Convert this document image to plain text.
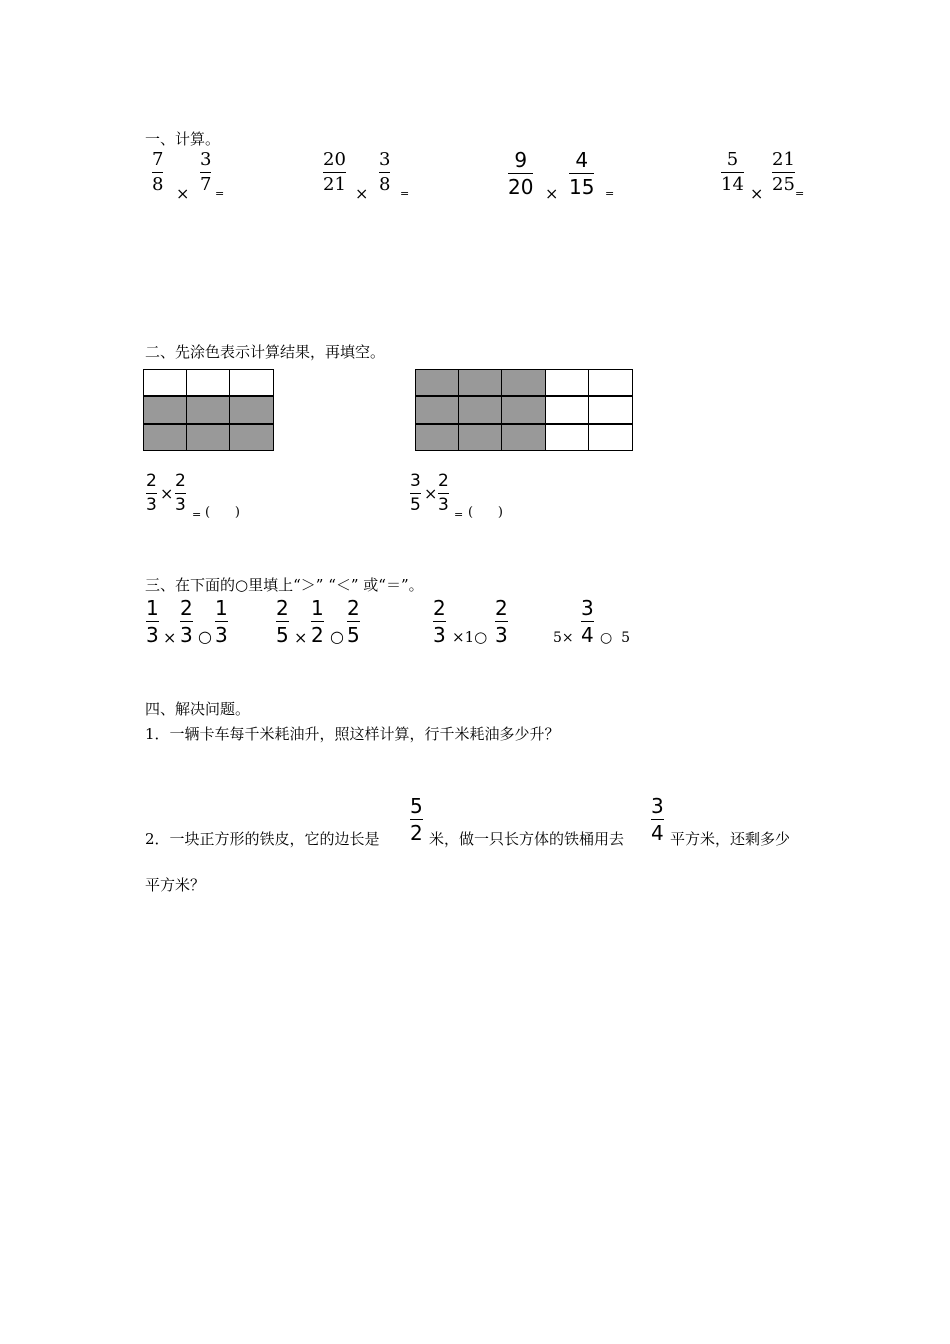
一、计算。
7
8 ×
3
7 =
20
21 ×
3
8 =
9
20 ×
4
15 =
5
14 ×
21
25 =
二、先涂色表示计算结果，再填空。
2
3
×
2
3 = (      )
3
5
×
2
3 = (      )
三、在下面的○里填上“＞” “＜” 或“＝”。
1
3 ×
2
3 ○
1
3
2
5 ×
1
2 ○
2
5
2
3 ×1○
2
3	5×
3
4 ○  5
四、解决问题。
1．一辆卡车每千米耗油升，照这样计算，行千米耗油多少升？
2．一块正方形的铁皮，它的边长是
5
2 米，做一只长方体的铁桶用去
3
4 平方米，还剩多少
平方米？
